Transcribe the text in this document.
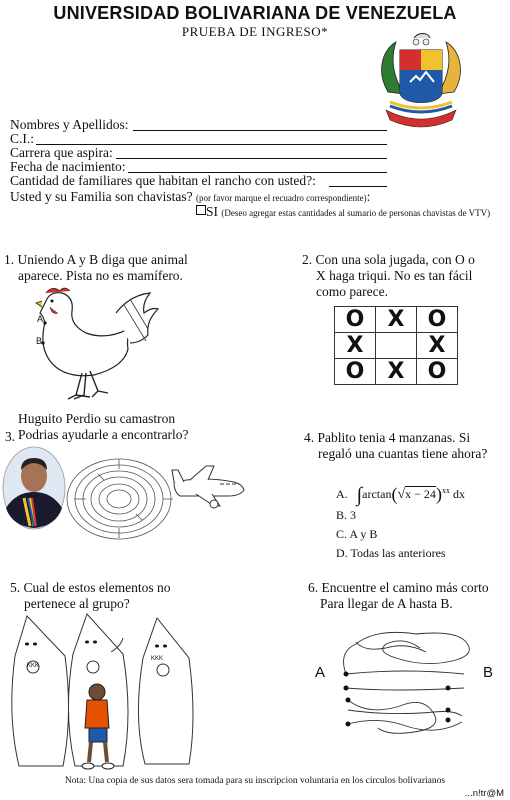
UNIVERSIDAD BOLIVARIANA DE VENEZUELA
PRUEBA DE INGRESO*
Nombres y Apellidos:
C.I.:
Carrera que aspira:
Fecha de nacimiento:
Cantidad de familiares que habitan el rancho con usted?:
Usted y su Familia son chavistas? (por favor marque el recuadro correspondiente):
SI (Deseo agregar estas cantidades al sumario de personas chavistas de VTV)
1. Uniendo A y B diga que animal
aparece. Pista no es mamífero.
A
B
2. Con una sola jugada, con O o
X haga triqui. No es tan fácil
como parece.
O	X	O
X		X
O	X	O
Huguito Perdio su camastron
3. Podrias ayudarle a encontrarlo?	4. Pablito tenia 4 manzanas. Si
regaló una cuantas tiene ahora?
A. $\int\arctan(√x - 24)^{xx}$ dx
B. 3
C. A y B
D. Todas las anteriores
5. Cual de estos elementos no
pertenece al grupo?
KKK
KKK
6. Encuentre el camino más corto
Para llegar de A hasta B.
A	B
Nota: Una copia de sus datos sera tomada para su inscripcion voluntaria en los circulos bolivarianos
...n!tr@M
